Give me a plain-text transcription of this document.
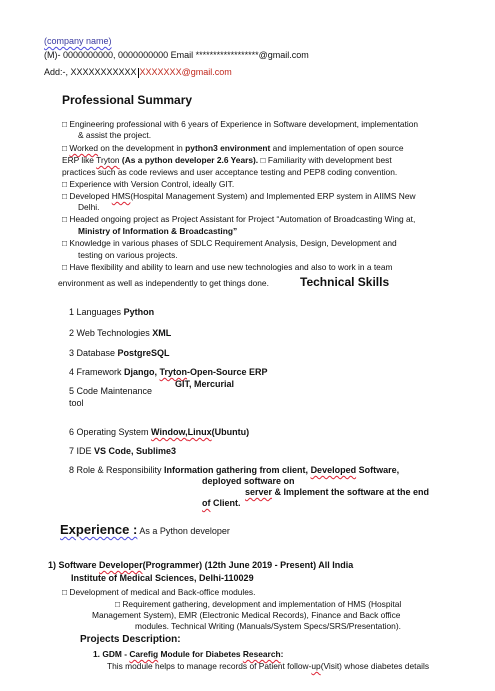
(company name)
(M)- 0000000000, 0000000000 Email ******************@gmail.com
Add:-, XXXXXXXXXXX XXXXXXX@gmail.com
Professional Summary
□ Engineering professional with 6 years of Experience in Software development, implementation
& assist the project.
□ Worked on the development in python3 environment and implementation of open source
ERP like Tryton (As a python developer 2.6 Years). □ Familiarity with development best
practices such as code reviews and user acceptance testing and PEP8 coding convention.
□ Experience with Version Control, ideally GIT.
□ Developed HMS(Hospital Management System) and Implemented ERP system in AIIMS New
Delhi.
□ Headed ongoing project as Project Assistant for Project “Automation of Broadcasting Wing at,
Ministry of Information & Broadcasting”
□ Knowledge in various phases of SDLC Requirement Analysis, Design, Development and
testing on various projects.
□ Have flexibility and ability to learn and use new technologies and also to work in a team
environment as well as independently to get things done.	Technical Skills
1 Languages Python
2 Web Technologies XML
3 Database PostgreSQL
4 Framework Django, Tryton-Open-Source ERP
GIT, Mercurial
5 Code Maintenance
tool
6 Operating System Window,Linux(Ubuntu)
7 IDE VS Code, Sublime3
8 Role & Responsibility Information gathering from client, Developed Software,
deployed software on
server & Implement the software at the end
of Client.
Experience : As a Python developer
1) Software Developer(Programmer) (12th June 2019 - Present) All India
Institute of Medical Sciences, Delhi-110029
□ Development of medical and Back-office modules.
□ Requirement gathering, development and implementation of HMS (Hospital
Management System), EMR (Electronic Medical Records), Finance and Back office
modules. Technical Writing (Manuals/System Specs/SRS/Presentation).
Projects Description:
1. GDM - Carefig Module for Diabetes Research:
This module helps to manage records of Patient follow-up(Visit) whose diabetes details
